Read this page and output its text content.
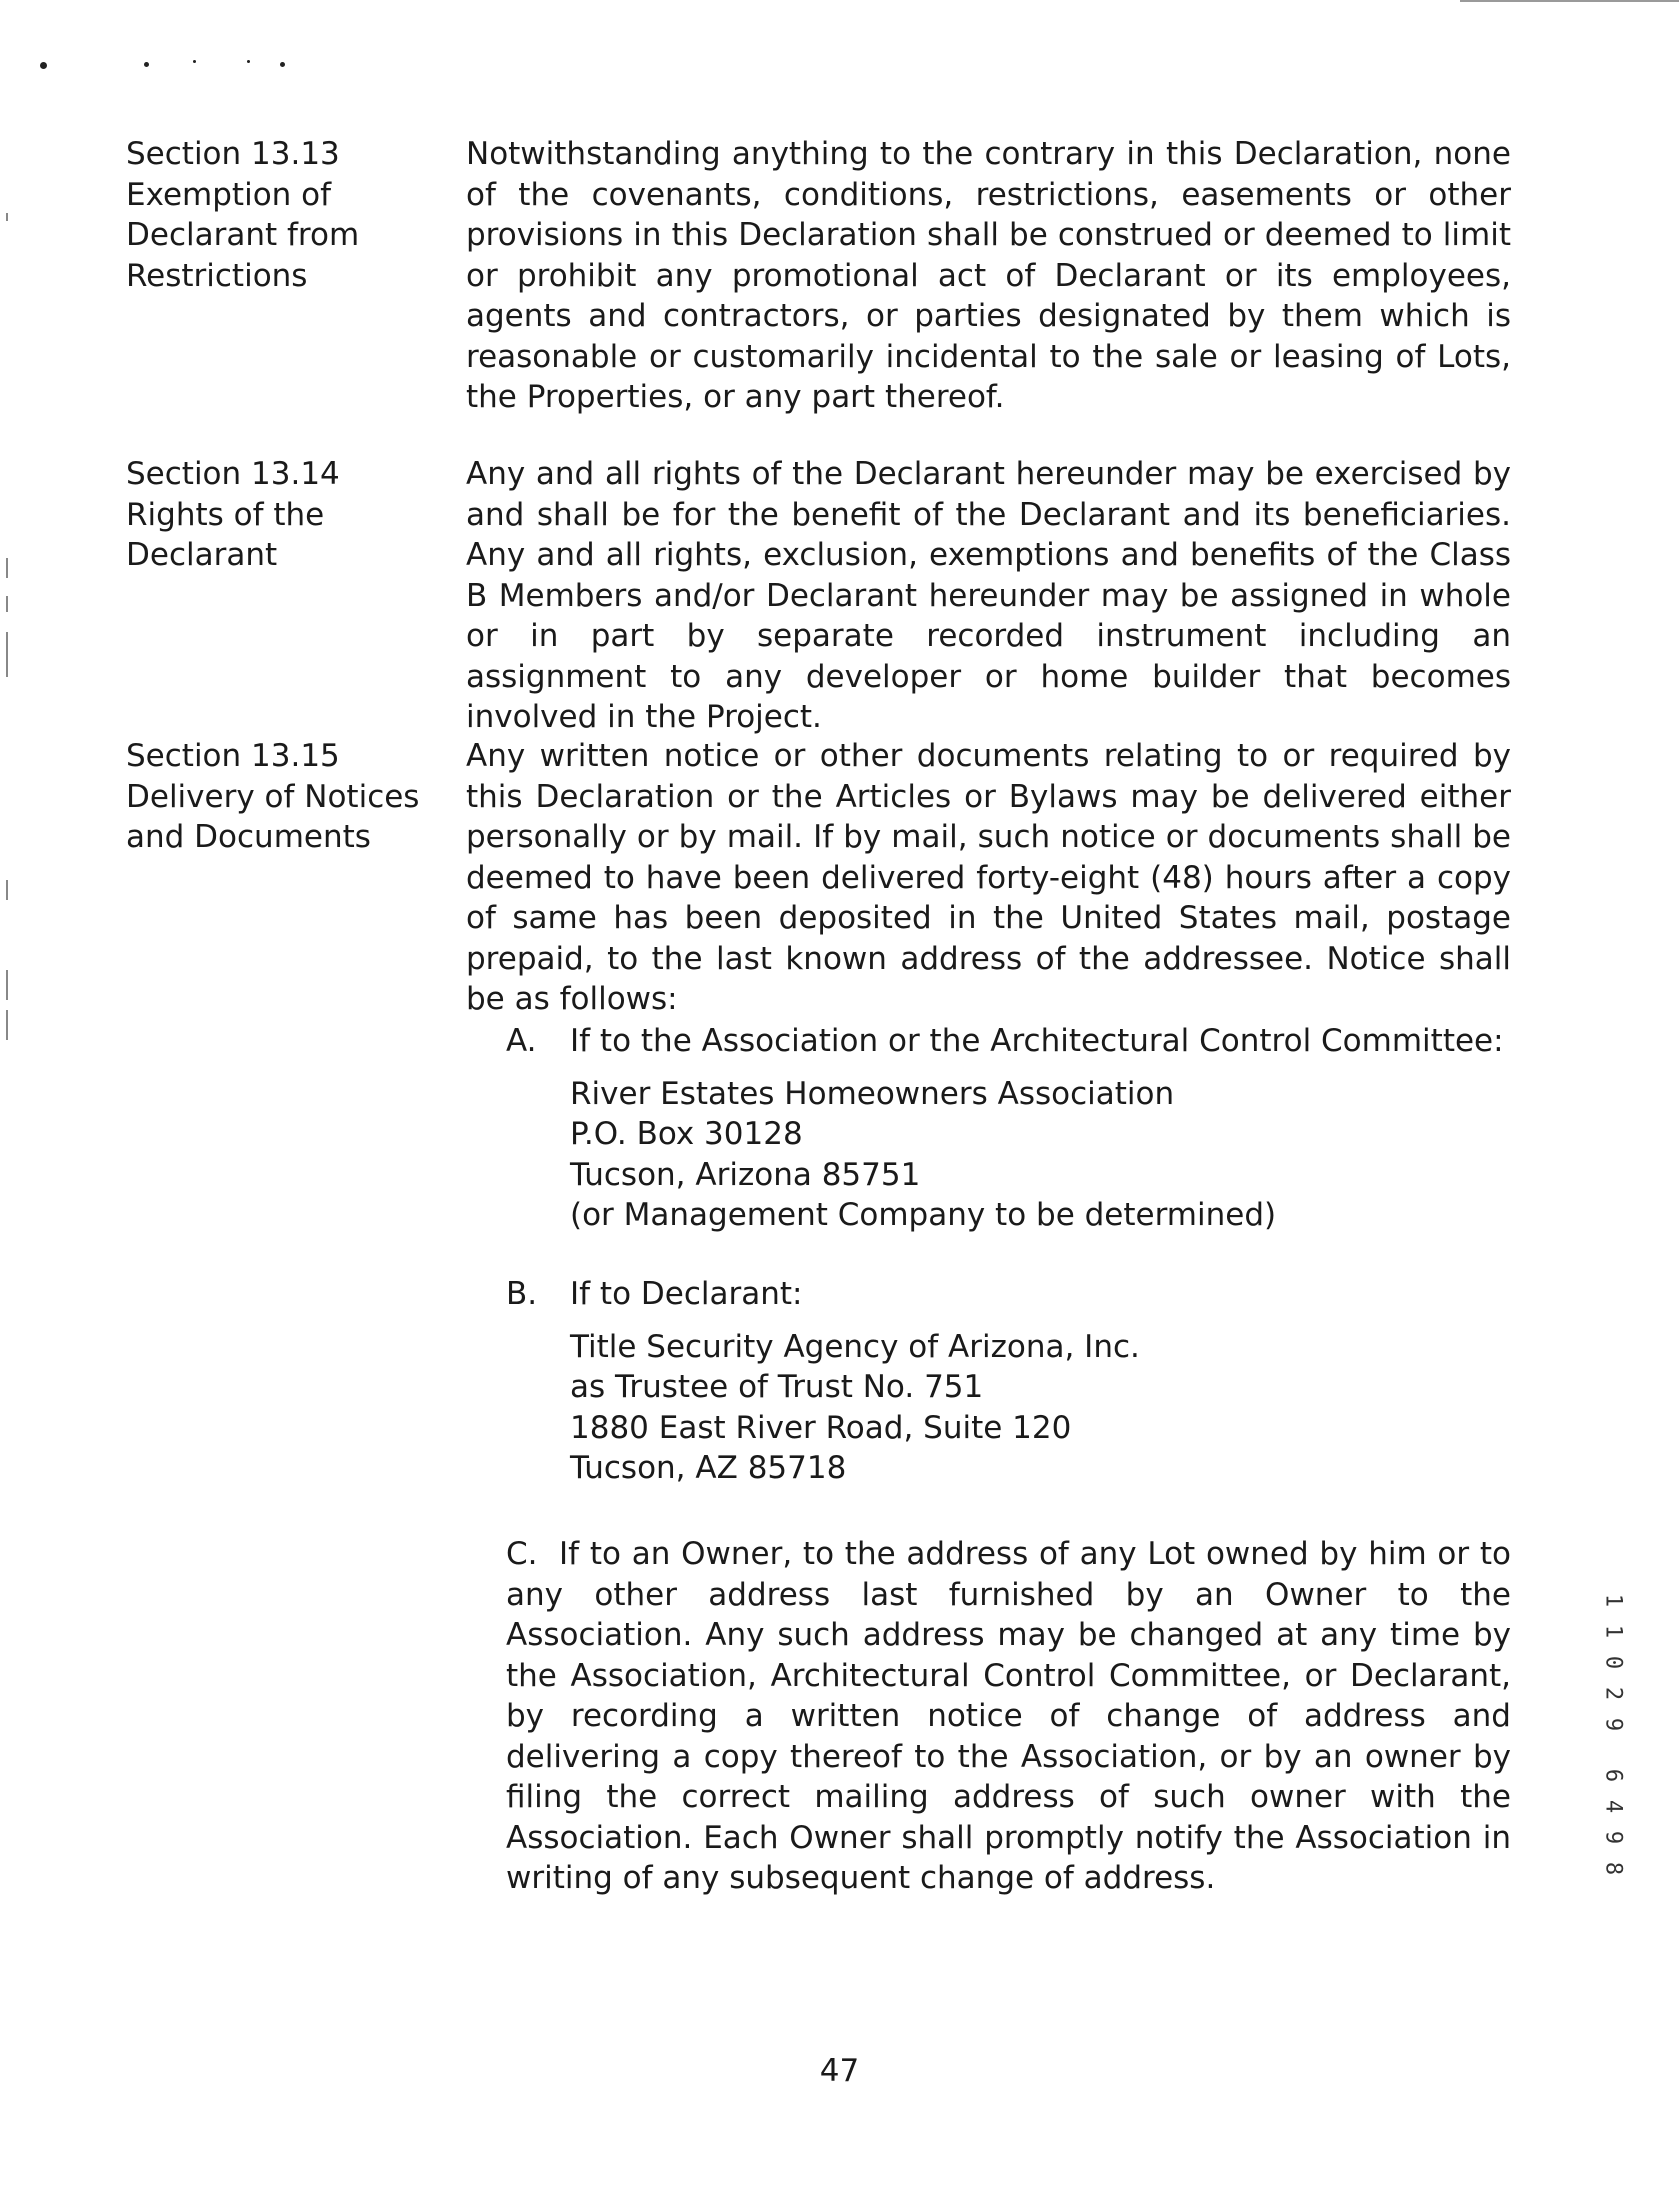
Section 13.13
Exemption of
Declarant from
Restrictions
Notwithstanding anything to the contrary in this Declaration, none of the covenants, conditions, restrictions, easements or other provisions in this Declaration shall be construed or deemed to limit or prohibit any promotional act of Declarant or its employees, agents and contractors, or parties designated by them which is reasonable or customarily incidental to the sale or leasing of Lots, the Properties, or any part thereof.
Section 13.14
Rights of the
Declarant
Any and all rights of the Declarant hereunder may be exercised by and shall be for the benefit of the Declarant and its beneficiaries. Any and all rights, exclusion, exemptions and benefits of the Class B Members and/or Declarant hereunder may be assigned in whole or in part by separate recorded instrument including an assignment to any developer or home builder that becomes involved in the Project.
Section 13.15
Delivery of Notices
and Documents
Any written notice or other documents relating to or required by this Declaration or the Articles or Bylaws may be delivered either personally or by mail. If by mail, such notice or documents shall be deemed to have been delivered forty-eight (48) hours after a copy of same has been deposited in the United States mail, postage prepaid, to the last known address of the addressee. Notice shall be as follows:
A.	If to the Association or the Architectural Control Committee:
River Estates Homeowners Association
P.O. Box 30128
Tucson, Arizona 85751
(or Management Company to be determined)
B.	If to Declarant:
Title Security Agency of Arizona, Inc.
as Trustee of Trust No. 751
1880 East River Road, Suite 120
Tucson, AZ 85718
C. If to an Owner, to the address of any Lot owned by him or to any other address last furnished by an Owner to the Association. Any such address may be changed at any time by the Association, Architectural Control Committee, or Declarant, by recording a written notice of change of address and delivering a copy thereof to the Association, or by an owner by filing the correct mailing address of such owner with the Association. Each Owner shall promptly notify the Association in writing of any subsequent change of address.
1
1
0
2
9
6
4
9
8
47
